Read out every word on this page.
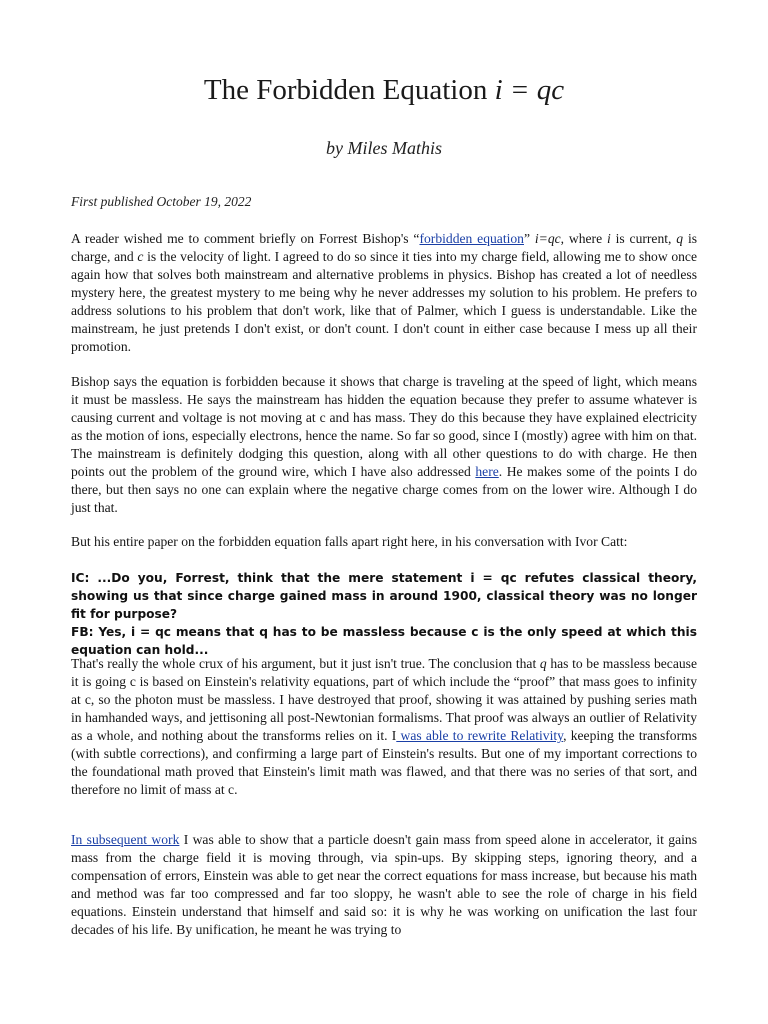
The Forbidden Equation i = qc
by Miles Mathis
First published October 19, 2022

A reader wished me to comment briefly on Forrest Bishop's “forbidden equation” i=qc, where i is current, q is charge, and c is the velocity of light. I agreed to do so since it ties into my charge field, allowing me to show once again how that solves both mainstream and alternative problems in physics. Bishop has created a lot of needless mystery here, the greatest mystery to me being why he never addresses my solution to his problem. He prefers to address solutions to his problem that don't work, like that of Palmer, which I guess is understandable. Like the mainstream, he just pretends I don't exist, or don't count. I don't count in either case because I mess up all their promotion.

Bishop says the equation is forbidden because it shows that charge is traveling at the speed of light, which means it must be massless. He says the mainstream has hidden the equation because they prefer to assume whatever is causing current and voltage is not moving at c and has mass. They do this because they have explained electricity as the motion of ions, especially electrons, hence the name. So far so good, since I (mostly) agree with him on that. The mainstream is definitely dodging this question, along with all other questions to do with charge. He then points out the problem of the ground wire, which I have also addressed here. He makes some of the points I do there, but then says no one can explain where the negative charge comes from on the lower wire. Although I do just that.

But his entire paper on the forbidden equation falls apart right here, in his conversation with Ivor Catt:

IC: ...Do you, Forrest, think that the mere statement i = qc refutes classical theory, showing us that since charge gained mass in around 1900, classical theory was no longer fit for purpose?
FB: Yes, i = qc means that q has to be massless because c is the only speed at which this equation can hold...

That's really the whole crux of his argument, but it just isn't true. The conclusion that q has to be massless because it is going c is based on Einstein's relativity equations, part of which include the “proof” that mass goes to infinity at c, so the photon must be massless. I have destroyed that proof, showing it was attained by pushing series math in hamhanded ways, and jettisoning all post-Newtonian formalisms. That proof was always an outlier of Relativity as a whole, and nothing about the transforms relies on it. I was able to rewrite Relativity, keeping the transforms (with subtle corrections), and confirming a large part of Einstein's results. But one of my important corrections to the foundational math proved that Einstein's limit math was flawed, and that there was no series of that sort, and therefore no limit of mass at c.

In subsequent work I was able to show that a particle doesn't gain mass from speed alone in accelerator, it gains mass from the charge field it is moving through, via spin-ups. By skipping steps, ignoring theory, and a compensation of errors, Einstein was able to get near the correct equations for mass increase, but because his math and method was far too compressed and far too sloppy, he wasn't able to see the role of charge in his field equations. Einstein understand that himself and said so: it is why he was working on unification the last four decades of his life. By unification, he meant he was trying to
